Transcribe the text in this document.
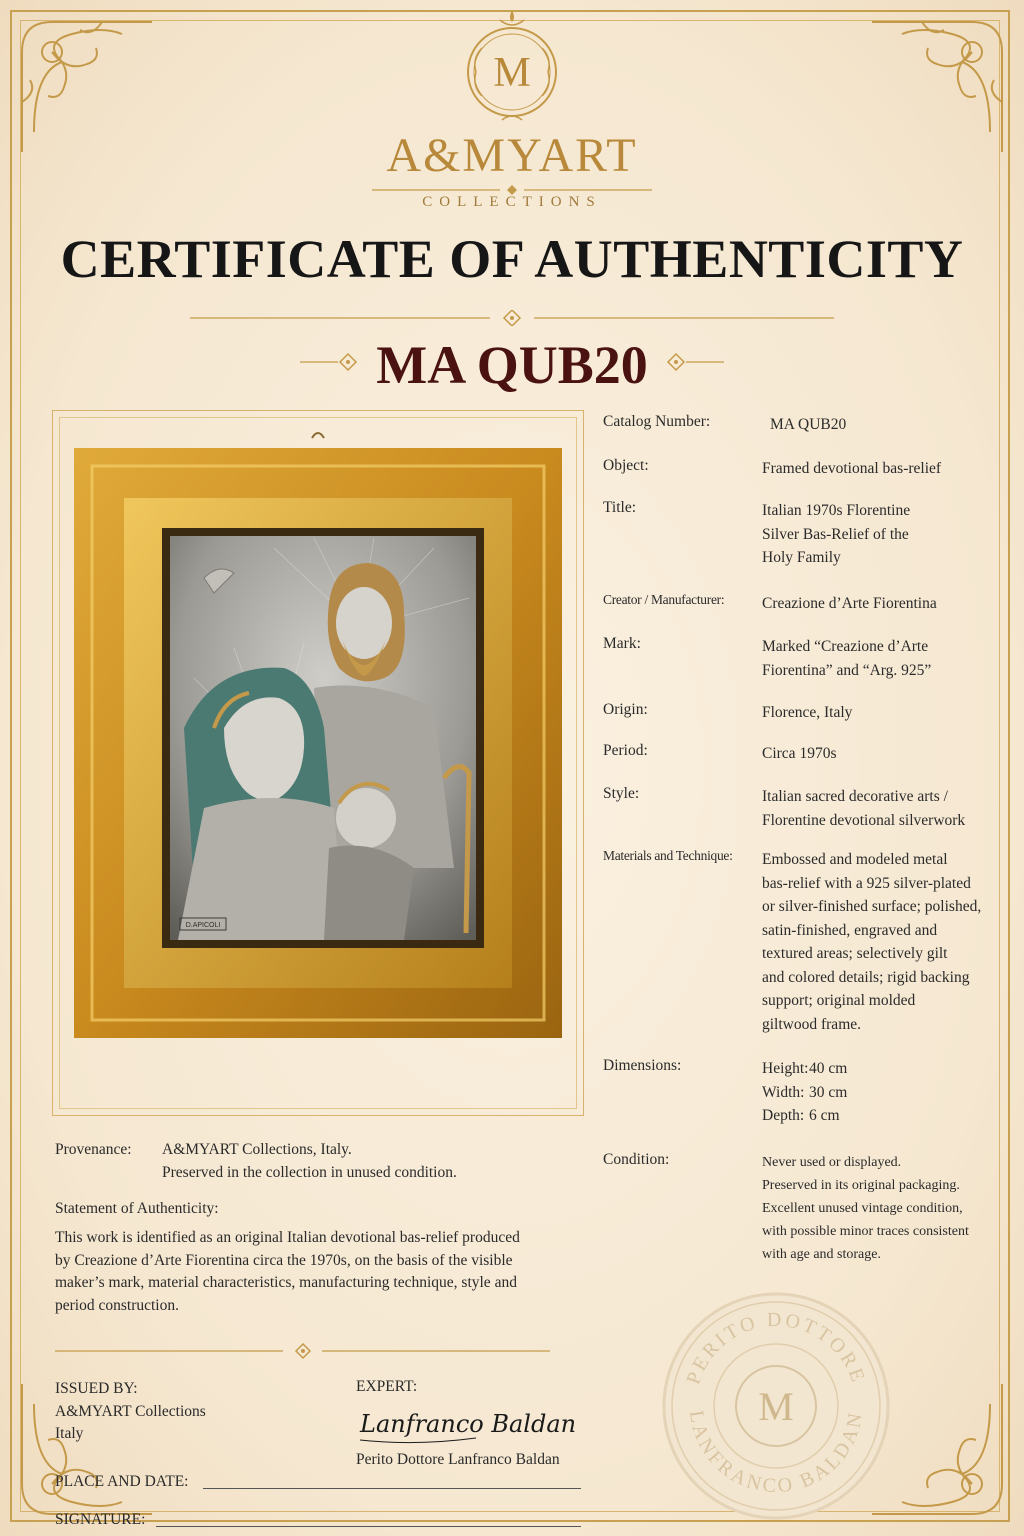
M
A&MYART
COLLECTIONS
CERTIFICATE OF AUTHENTICITY
MA QUB20
D.APICOLI
Catalog Number:	MA QUB20
Object:	Framed devotional bas-relief
Title:	Italian 1970s Florentine
Silver Bas-Relief of the
Holy Family
Creator / Manufacturer:	Creazione d’Arte Fiorentina
Mark:	Marked “Creazione d’Arte
Fiorentina” and “Arg. 925”
Origin:	Florence, Italy
Period:	Circa 1970s
Style:	Italian sacred decorative arts /
Florentine devotional silverwork
Materials and Technique:	Embossed and modeled metal
bas-relief with a 925 silver-plated
or silver-finished surface; polished,
satin-finished, engraved and
textured areas; selectively gilt
and colored details; rigid backing
support; original molded
giltwood frame.
Dimensions:	Height:40 cm
Width: 30 cm
Depth: 6 cm
Condition:	Never used or displayed.
Preserved in its original packaging.
Excellent unused vintage condition,
with possible minor traces consistent
with age and storage.
Provenance:	A&MYART Collections, Italy.
Preserved in the collection in unused condition.
Statement of Authenticity:
This work is identified as an original Italian devotional bas-relief produced by Creazione d’Arte Fiorentina circa the 1970s, on the basis of the visible maker’s mark, material characteristics, manufacturing technique, style and period construction.
ISSUED BY:
A&MYART Collections
Italy
EXPERT:
Lanfranco Baldan
Perito Dottore Lanfranco Baldan
PLACE AND DATE:
SIGNATURE:
PERITO DOTTORE
LANFRANCO BALDAN
M
